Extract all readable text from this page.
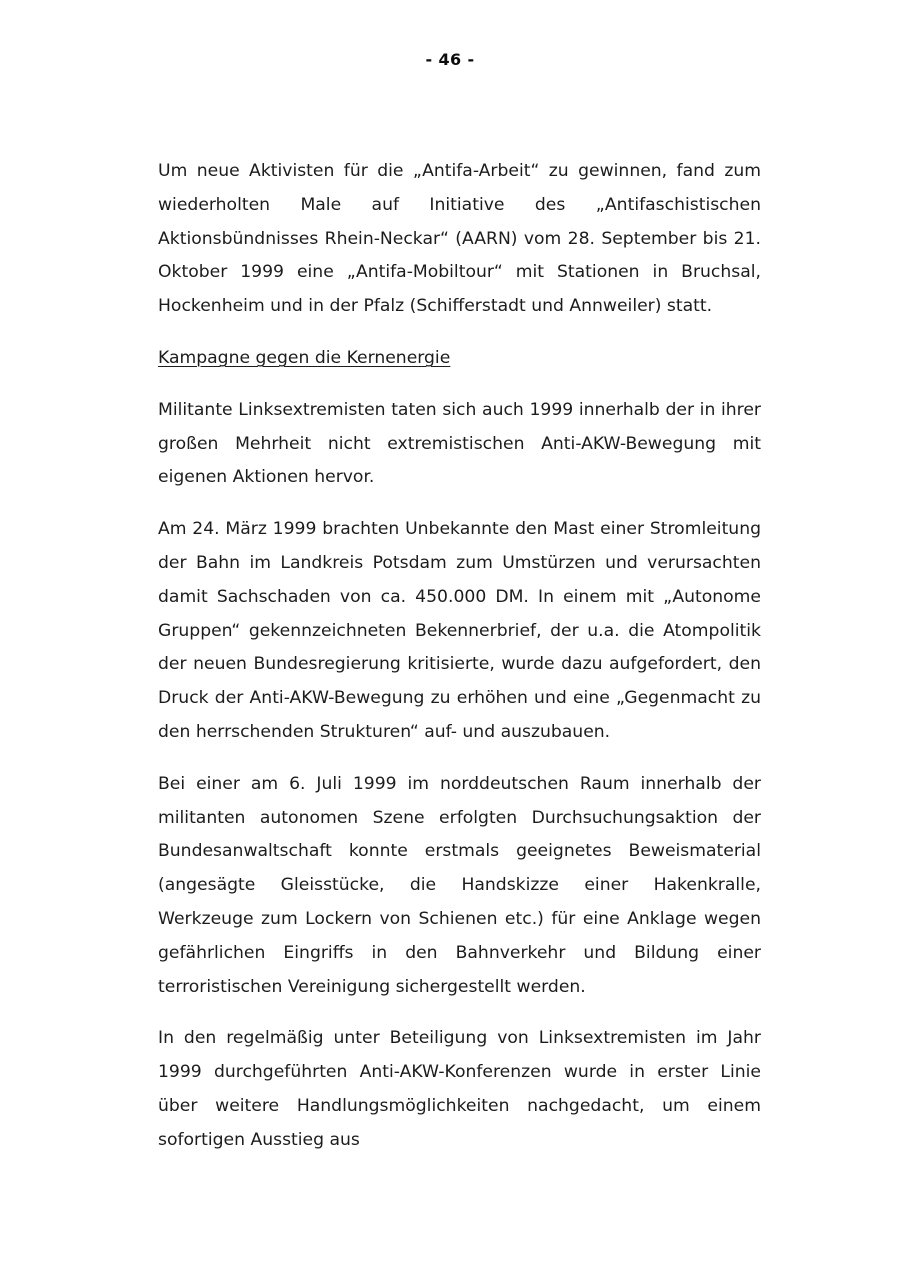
- 46 -

Um neue Aktivisten für die „Antifa-Arbeit“ zu gewinnen, fand zum wiederholten Male auf Initiative des „Antifaschistischen Aktionsbündnisses Rhein-Neckar“ (AARN) vom 28. September bis 21. Oktober 1999 eine „Antifa-Mobiltour“ mit Stationen in Bruchsal, Hockenheim und in der Pfalz (Schifferstadt und Annweiler) statt.

Kampagne gegen die Kernenergie

Militante Linksextremisten taten sich auch 1999 innerhalb der in ihrer großen Mehrheit nicht extremistischen Anti-AKW-Bewegung mit eigenen Aktionen hervor.

Am 24. März 1999 brachten Unbekannte den Mast einer Stromleitung der Bahn im Landkreis Potsdam zum Umstürzen und verursachten damit Sachschaden von ca. 450.000 DM. In einem mit „Autonome Gruppen“ gekennzeichneten Bekennerbrief, der u.a. die Atompolitik der neuen Bundesregierung kritisierte, wurde dazu aufgefordert, den Druck der Anti-AKW-Bewegung zu erhöhen und eine „Gegenmacht zu den herrschenden Strukturen“ auf- und auszubauen.

Bei einer am 6. Juli 1999 im norddeutschen Raum innerhalb der militanten autonomen Szene erfolgten Durchsuchungsaktion der Bundesanwaltschaft konnte erstmals geeignetes Beweismaterial (angesägte Gleisstücke, die Handskizze einer Hakenkralle, Werkzeuge zum Lockern von Schienen etc.) für eine Anklage wegen gefährlichen Eingriffs in den Bahnverkehr und Bildung einer terroristischen Vereinigung sichergestellt werden.

In den regelmäßig unter Beteiligung von Linksextremisten im Jahr 1999 durchgeführten Anti-AKW-Konferenzen wurde in erster Linie über weitere Handlungsmöglichkeiten nachgedacht, um einem sofortigen Ausstieg aus
